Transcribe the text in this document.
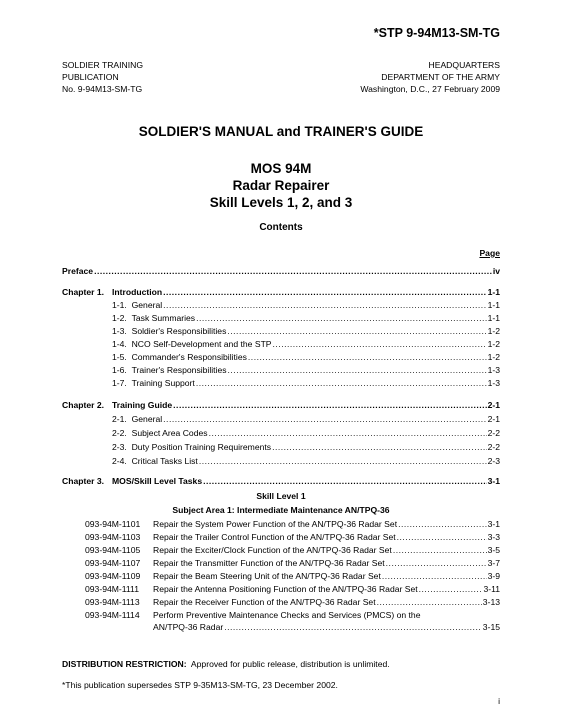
*STP 9-94M13-SM-TG
SOLDIER TRAINING
PUBLICATION
No. 9-94M13-SM-TG
HEADQUARTERS
DEPARTMENT OF THE ARMY
Washington, D.C., 27 February 2009
SOLDIER'S MANUAL and TRAINER'S GUIDE
MOS 94M
Radar Repairer
Skill Levels 1, 2, and 3
Contents
Page
Preface .....	iv
Chapter 1. Introduction .....	1-1
1-1. General .....	1-1
1-2. Task Summaries .....	1-1
1-3. Soldier's Responsibilities .....	1-2
1-4. NCO Self-Development and the STP .....	1-2
1-5. Commander's Responsibilities .....	1-2
1-6. Trainer's Responsibilities .....	1-3
1-7. Training Support .....	1-3
Chapter 2. Training Guide .....	2-1
2-1. General .....	2-1
2-2. Subject Area Codes .....	2-2
2-3. Duty Position Training Requirements .....	2-2
2-4. Critical Tasks List .....	2-3
Chapter 3. MOS/Skill Level Tasks .....	3-1
Skill Level 1
Subject Area 1: Intermediate Maintenance AN/TPQ-36
093-94M-1101 Repair the System Power Function of the AN/TPQ-36 Radar Set .....	3-1
093-94M-1103 Repair the Trailer Control Function of the AN/TPQ-36 Radar Set .....	3-3
093-94M-1105 Repair the Exciter/Clock Function of the AN/TPQ-36 Radar Set .....	3-5
093-94M-1107 Repair the Transmitter Function of the AN/TPQ-36 Radar Set .....	3-7
093-94M-1109 Repair the Beam Steering Unit of the AN/TPQ-36 Radar Set .....	3-9
093-94M-1111 Repair the Antenna Positioning Function of the AN/TPQ-36 Radar Set .....	3-11
093-94M-1113 Repair the Receiver Function of the AN/TPQ-36 Radar Set .....	3-13
093-94M-1114 Perform Preventive Maintenance Checks and Services (PMCS) on the
AN/TPQ-36 Radar .....	3-15
DISTRIBUTION RESTRICTION: Approved for public release, distribution is unlimited.
*This publication supersedes STP 9-35M13-SM-TG, 23 December 2002.
i
